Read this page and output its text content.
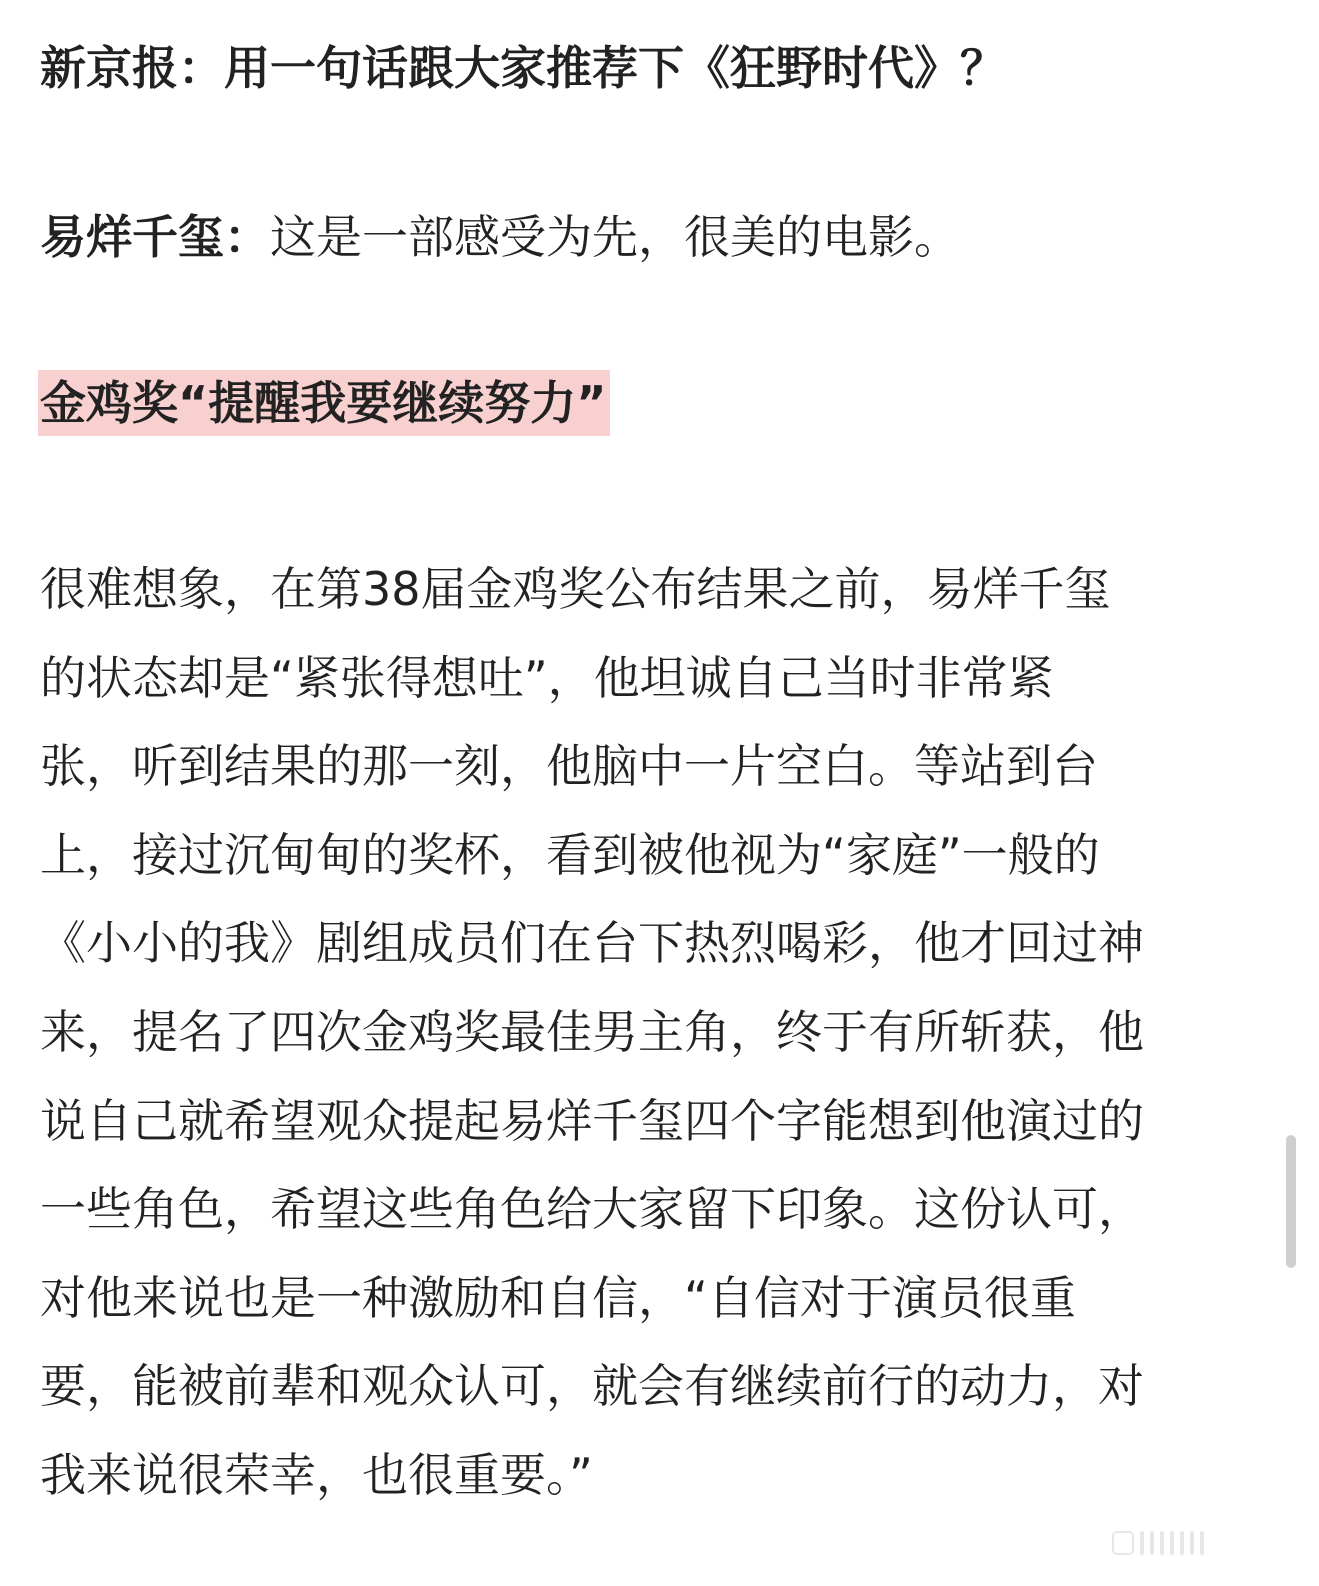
新京报：用一句话跟大家推荐下《狂野时代》？
易烊千玺：这是一部感受为先，很美的电影。
金鸡奖“提醒我要继续努力”

很难想象，在第38届金鸡奖公布结果之前，易烊千玺
的状态却是“紧张得想吐”，他坦诚自己当时非常紧
张，听到结果的那一刻，他脑中一片空白。等站到台
上，接过沉甸甸的奖杯，看到被他视为“家庭”一般的
《小小的我》剧组成员们在台下热烈喝彩，他才回过神
来，提名了四次金鸡奖最佳男主角，终于有所斩获，他
说自己就希望观众提起易烊千玺四个字能想到他演过的
一些角色，希望这些角色给大家留下印象。这份认可，
对他来说也是一种激励和自信，“自信对于演员很重
要，能被前辈和观众认可，就会有继续前行的动力，对
我来说很荣幸，也很重要。”
